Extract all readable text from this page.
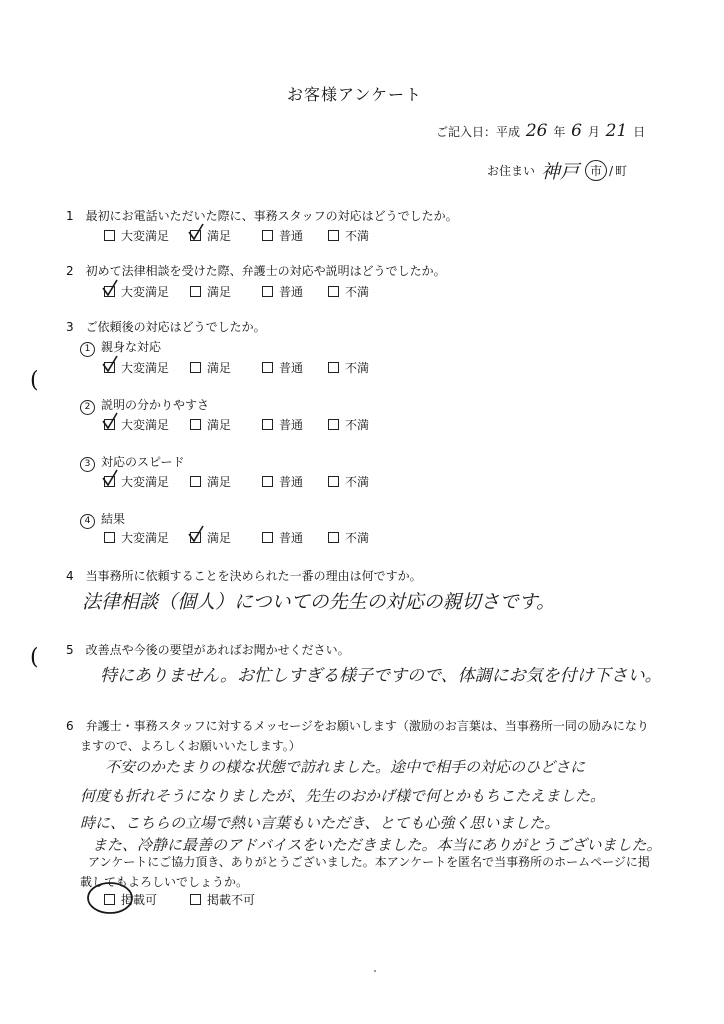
お客様アンケート
ご記入日：平成 26 年 6 月 21 日
お住まい 神戸 市 / 町
1　最初にお電話いただいた際に、事務スタッフの対応はどうでしたか。
大変満足	満足	普通	不満
2　初めて法律相談を受けた際、弁護士の対応や説明はどうでしたか。
大変満足	満足	普通	不満
3　ご依頼後の対応はどうでしたか。
1 親身な対応
大変満足	満足	普通	不満
2 説明の分かりやすさ
大変満足	満足	普通	不満
3 対応のスピード
大変満足	満足	普通	不満
4 結果
大変満足	満足	普通	不満
(
(
4　当事務所に依頼することを決められた一番の理由は何ですか。
法律相談（個人）についての先生の対応の親切さです。
5　改善点や今後の要望があればお聞かせください。
特にありません。お忙しすぎる様子ですので、体調にお気を付け下さい。
6　弁護士・事務スタッフに対するメッセージをお願いします（激励のお言葉は、当事務所一同の励みになり
ますので、よろしくお願いいたします。）
不安のかたまりの様な状態で訪れました。途中で相手の対応のひどさに
何度も折れそうになりましたが、先生のおかげ様で何とかもちこたえました。
時に、こちらの立場で熱い言葉もいただき、とても心強く思いました。
また、冷静に最善のアドバイスをいただきました。本当にありがとうございました。
アンケートにご協力頂き、ありがとうございました。本アンケートを匿名で当事務所のホームページに掲
載してもよろしいでしょうか。
掲載可	掲載不可
